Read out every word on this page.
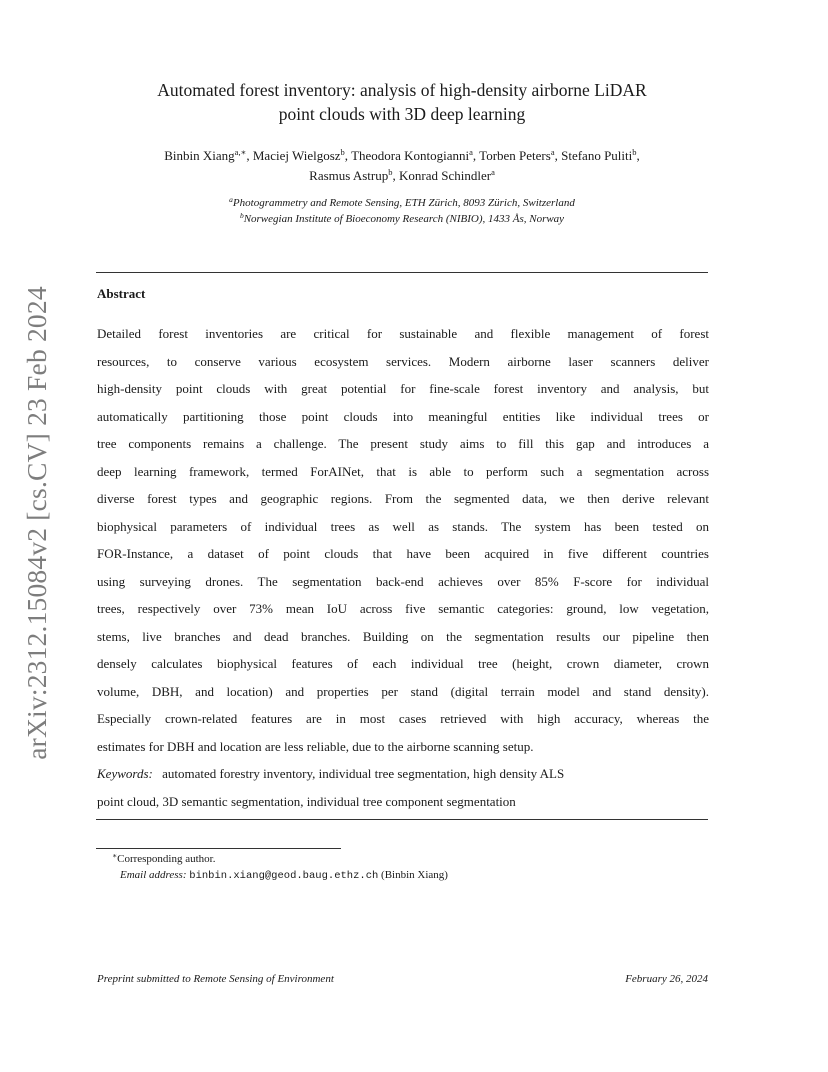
arXiv:2312.15084v2 [cs.CV] 23 Feb 2024
Automated forest inventory: analysis of high-density airborne LiDAR
point clouds with 3D deep learning
Binbin Xiang$^{a,∗}$, Maciej Wielgosz$^b$, Theodora Kontogianni$^a$, Torben Peters$^a$, Stefano Puliti$^b$,
Rasmus Astrup$^b$, Konrad Schindler$^a$
$^a$Photogrammetry and Remote Sensing, ETH Zürich, 8093 Zürich, Switzerland
$^b$Norwegian Institute of Bioeconomy Research (NIBIO), 1433 Ås, Norway
Abstract
Detailed forest inventories are critical for sustainable and flexible management of forest
resources, to conserve various ecosystem services. Modern airborne laser scanners deliver
high-density point clouds with great potential for fine-scale forest inventory and analysis, but
automatically partitioning those point clouds into meaningful entities like individual trees or
tree components remains a challenge. The present study aims to fill this gap and introduces a
deep learning framework, termed ForAINet, that is able to perform such a segmentation across
diverse forest types and geographic regions. From the segmented data, we then derive relevant
biophysical parameters of individual trees as well as stands. The system has been tested on
FOR-Instance, a dataset of point clouds that have been acquired in five different countries
using surveying drones. The segmentation back-end achieves over 85% F-score for individual
trees, respectively over 73% mean IoU across five semantic categories: ground, low vegetation,
stems, live branches and dead branches. Building on the segmentation results our pipeline then
densely calculates biophysical features of each individual tree (height, crown diameter, crown
volume, DBH, and location) and properties per stand (digital terrain model and stand density).
Especially crown-related features are in most cases retrieved with high accuracy, whereas the
estimates for DBH and location are less reliable, due to the airborne scanning setup.
Keywords: automated forestry inventory, individual tree segmentation, high density ALS
point cloud, 3D semantic segmentation, individual tree component segmentation
∗Corresponding author.
Email address: binbin.xiang@geod.baug.ethz.ch (Binbin Xiang)
Preprint submitted to Remote Sensing of Environment	February 26, 2024
